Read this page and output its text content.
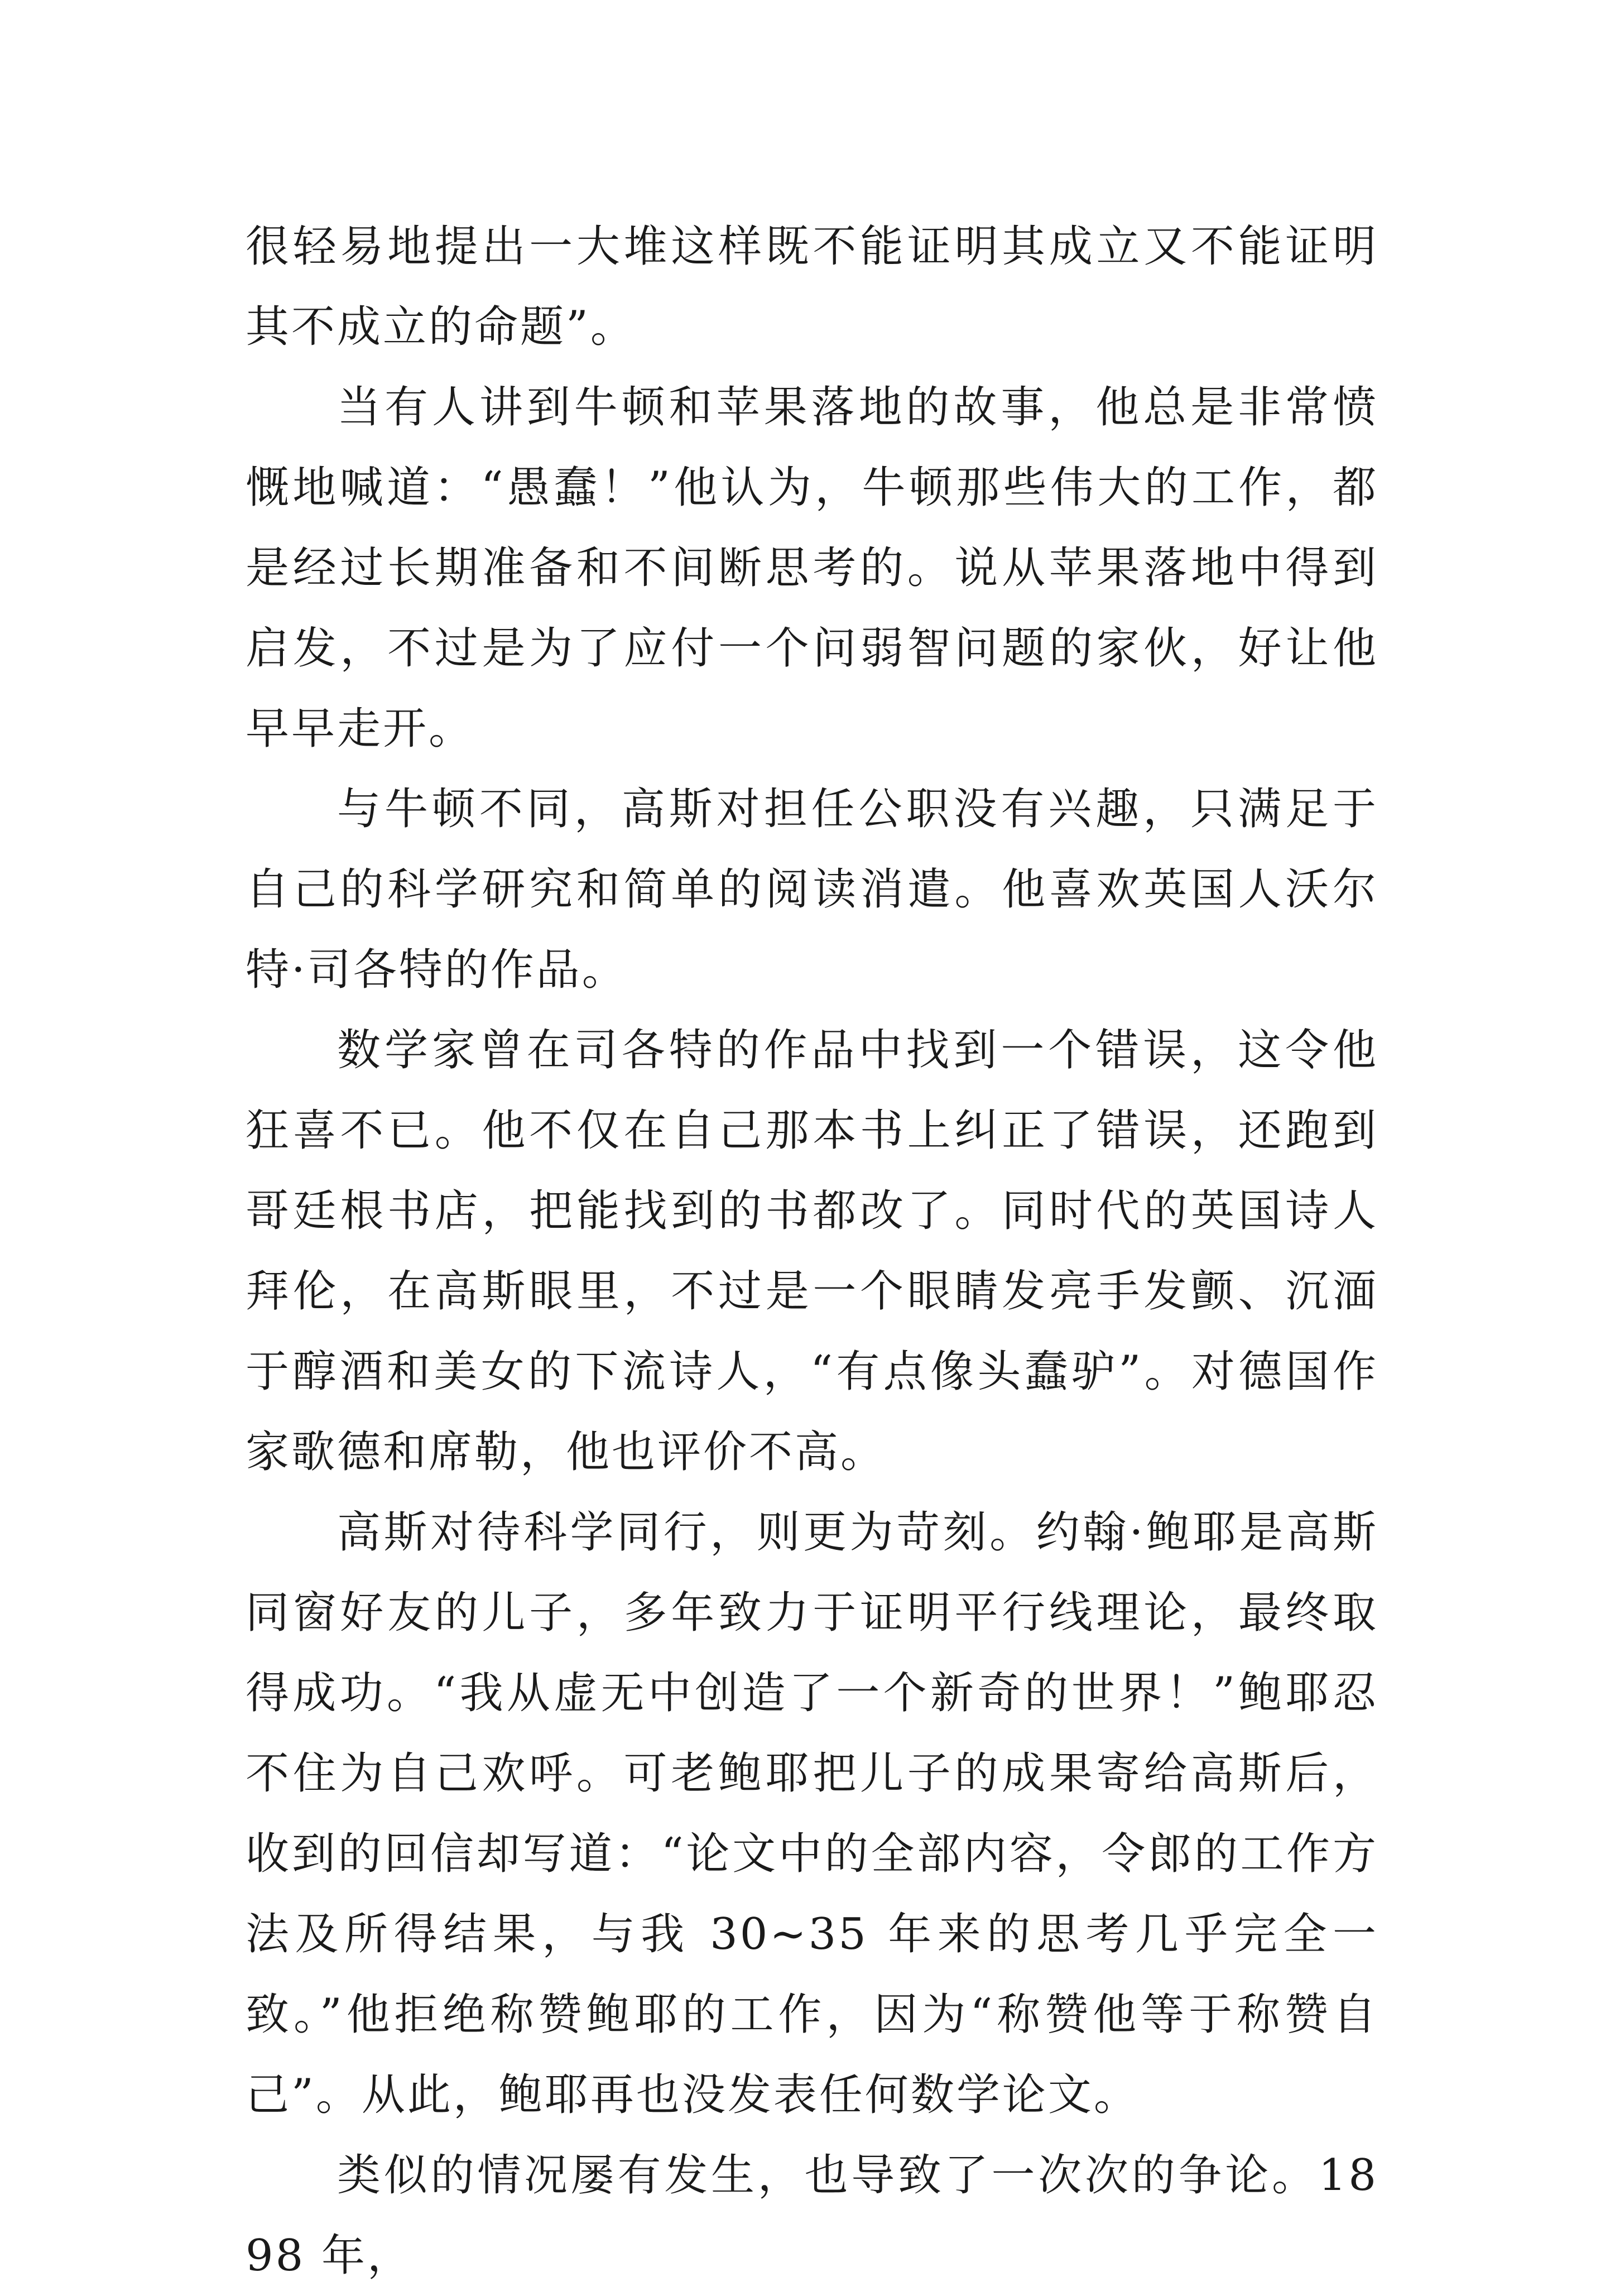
很轻易地提出一大堆这样既不能证明其成立又不能证明其不成立的命题”。

当有人讲到牛顿和苹果落地的故事，他总是非常愤慨地喊道：“愚蠢！”他认为，牛顿那些伟大的工作，都是经过长期准备和不间断思考的。说从苹果落地中得到启发，不过是为了应付一个问弱智问题的家伙，好让他早早走开。

与牛顿不同，高斯对担任公职没有兴趣，只满足于自己的科学研究和简单的阅读消遣。他喜欢英国人沃尔特·司各特的作品。

数学家曾在司各特的作品中找到一个错误，这令他狂喜不已。他不仅在自己那本书上纠正了错误，还跑到哥廷根书店，把能找到的书都改了。同时代的英国诗人拜伦，在高斯眼里，不过是一个眼睛发亮手发颤、沉湎于醇酒和美女的下流诗人，“有点像头蠢驴”。对德国作家歌德和席勒，他也评价不高。

高斯对待科学同行，则更为苛刻。约翰·鲍耶是高斯同窗好友的儿子，多年致力于证明平行线理论，最终取得成功。“我从虚无中创造了一个新奇的世界！”鲍耶忍不住为自己欢呼。可老鲍耶把儿子的成果寄给高斯后，收到的回信却写道：“论文中的全部内容，令郎的工作方法及所得结果，与我 30~35 年来的思考几乎完全一致。”他拒绝称赞鲍耶的工作，因为“称赞他等于称赞自己”。从此，鲍耶再也没发表任何数学论文。

类似的情况屡有发生，也导致了一次次的争论。1898 年，
